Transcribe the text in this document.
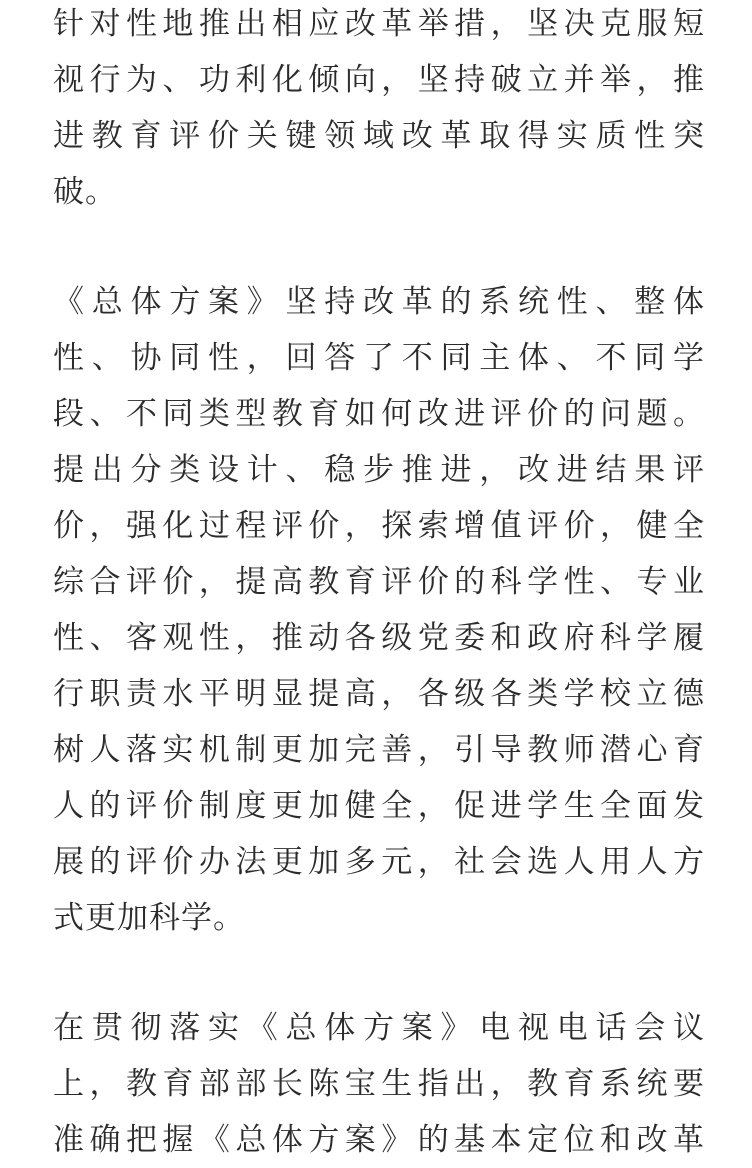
针对性地推出相应改革举措，坚决克服短
视行为、功利化倾向，坚持破立并举，推
进教育评价关键领域改革取得实质性突
破。
《总体方案》坚持改革的系统性、整体
性、协同性，回答了不同主体、不同学
段、不同类型教育如何改进评价的问题。
提出分类设计、稳步推进，改进结果评
价，强化过程评价，探索增值评价，健全
综合评价，提高教育评价的科学性、专业
性、客观性，推动各级党委和政府科学履
行职责水平明显提高，各级各类学校立德
树人落实机制更加完善，引导教师潜心育
人的评价制度更加健全，促进学生全面发
展的评价办法更加多元，社会选人用人方
式更加科学。
在贯彻落实《总体方案》电视电话会议
上，教育部部长陈宝生指出，教育系统要
准确把握《总体方案》的基本定位和改革
